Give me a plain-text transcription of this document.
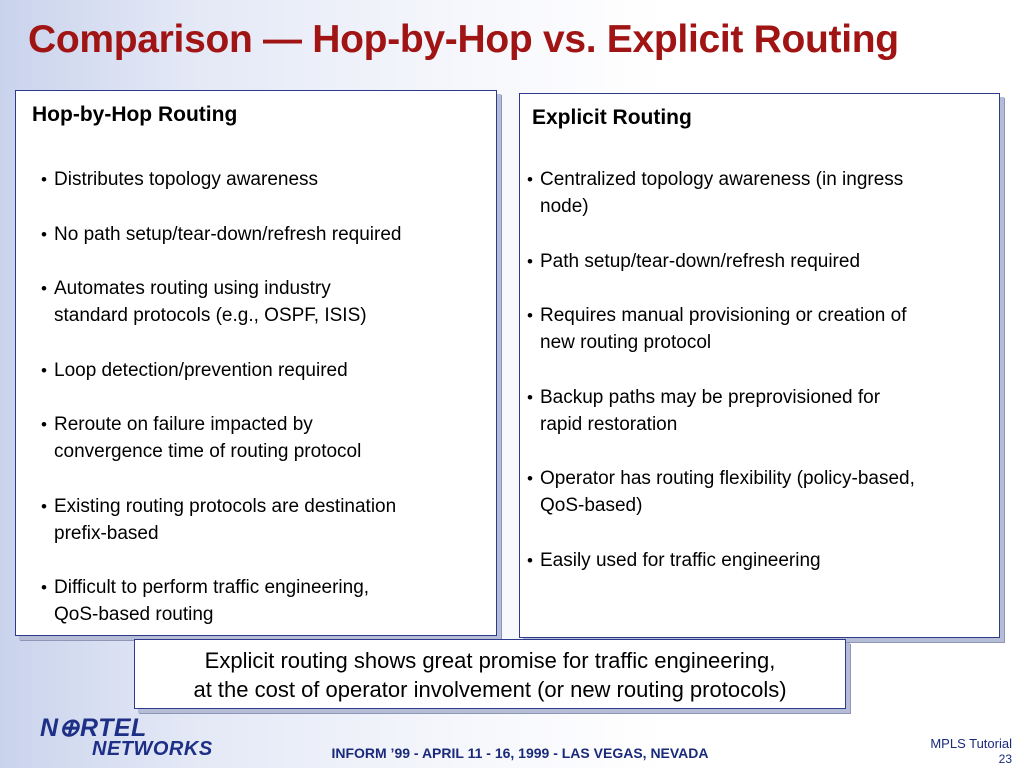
Comparison — Hop-by-Hop vs. Explicit Routing
Hop-by-Hop Routing
• Distributes topology awareness
• No path setup/tear-down/refresh required
• Automates routing using industry
standard protocols (e.g., OSPF, ISIS)
• Loop detection/prevention required
• Reroute on failure impacted by
convergence time of routing protocol
• Existing routing protocols are destination
prefix-based
• Difficult to perform traffic engineering,
QoS-based routing
Explicit Routing
• Centralized topology awareness (in ingress
node)
• Path setup/tear-down/refresh required
• Requires manual provisioning or creation of
new routing protocol
• Backup paths may be preprovisioned for
rapid restoration
• Operator has routing flexibility (policy-based,
QoS-based)
• Easily used for traffic engineering
Explicit routing shows great promise for traffic engineering,
at the cost of operator involvement (or new routing protocols)
N⊕RTEL
NETWORKS	INFORM ’99 - APRIL 11 - 16, 1999 - LAS VEGAS, NEVADA
MPLS Tutorial
23
